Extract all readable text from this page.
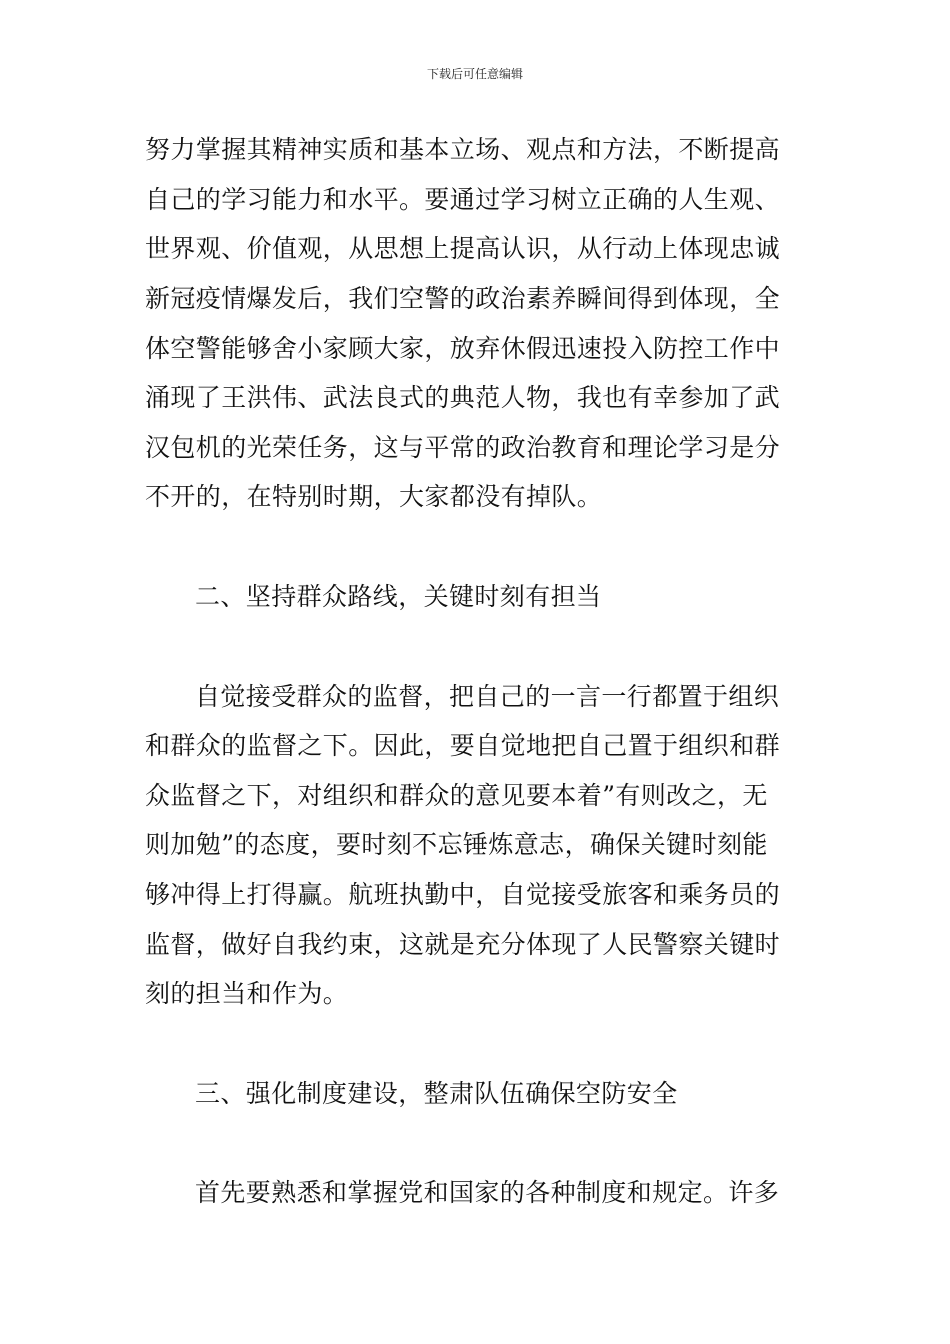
下载后可任意编辑
努力掌握其精神实质和基本立场、观点和方法，不断提高
自己的学习能力和水平。要通过学习树立正确的人生观、
世界观、价值观，从思想上提高认识，从行动上体现忠诚
新冠疫情爆发后，我们空警的政治素养瞬间得到体现，全
体空警能够舍小家顾大家，放弃休假迅速投入防控工作中
涌现了王洪伟、武法良式的典范人物，我也有幸参加了武
汉包机的光荣任务，这与平常的政治教育和理论学习是分
不开的，在特别时期，大家都没有掉队。
二、坚持群众路线，关键时刻有担当
自觉接受群众的监督，把自己的一言一行都置于组织
和群众的监督之下。因此，要自觉地把自己置于组织和群
众监督之下，对组织和群众的意见要本着”有则改之，无
则加勉”的态度，要时刻不忘锤炼意志，确保关键时刻能
够冲得上打得赢。航班执勤中，自觉接受旅客和乘务员的
监督，做好自我约束，这就是充分体现了人民警察关键时
刻的担当和作为。
三、强化制度建设，整肃队伍确保空防安全
首先要熟悉和掌握党和国家的各种制度和规定。许多
